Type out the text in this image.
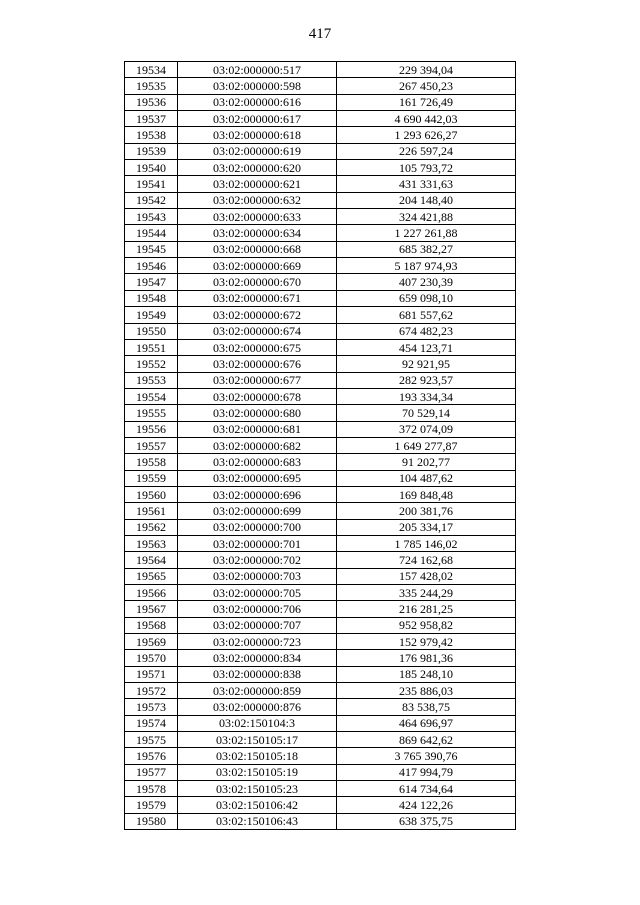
417
19534	03:02:000000:517	229 394,04
19535	03:02:000000:598	267 450,23
19536	03:02:000000:616	161 726,49
19537	03:02:000000:617	4 690 442,03
19538	03:02:000000:618	1 293 626,27
19539	03:02:000000:619	226 597,24
19540	03:02:000000:620	105 793,72
19541	03:02:000000:621	431 331,63
19542	03:02:000000:632	204 148,40
19543	03:02:000000:633	324 421,88
19544	03:02:000000:634	1 227 261,88
19545	03:02:000000:668	685 382,27
19546	03:02:000000:669	5 187 974,93
19547	03:02:000000:670	407 230,39
19548	03:02:000000:671	659 098,10
19549	03:02:000000:672	681 557,62
19550	03:02:000000:674	674 482,23
19551	03:02:000000:675	454 123,71
19552	03:02:000000:676	92 921,95
19553	03:02:000000:677	282 923,57
19554	03:02:000000:678	193 334,34
19555	03:02:000000:680	70 529,14
19556	03:02:000000:681	372 074,09
19557	03:02:000000:682	1 649 277,87
19558	03:02:000000:683	91 202,77
19559	03:02:000000:695	104 487,62
19560	03:02:000000:696	169 848,48
19561	03:02:000000:699	200 381,76
19562	03:02:000000:700	205 334,17
19563	03:02:000000:701	1 785 146,02
19564	03:02:000000:702	724 162,68
19565	03:02:000000:703	157 428,02
19566	03:02:000000:705	335 244,29
19567	03:02:000000:706	216 281,25
19568	03:02:000000:707	952 958,82
19569	03:02:000000:723	152 979,42
19570	03:02:000000:834	176 981,36
19571	03:02:000000:838	185 248,10
19572	03:02:000000:859	235 886,03
19573	03:02:000000:876	83 538,75
19574	03:02:150104:3	464 696,97
19575	03:02:150105:17	869 642,62
19576	03:02:150105:18	3 765 390,76
19577	03:02:150105:19	417 994,79
19578	03:02:150105:23	614 734,64
19579	03:02:150106:42	424 122,26
19580	03:02:150106:43	638 375,75
